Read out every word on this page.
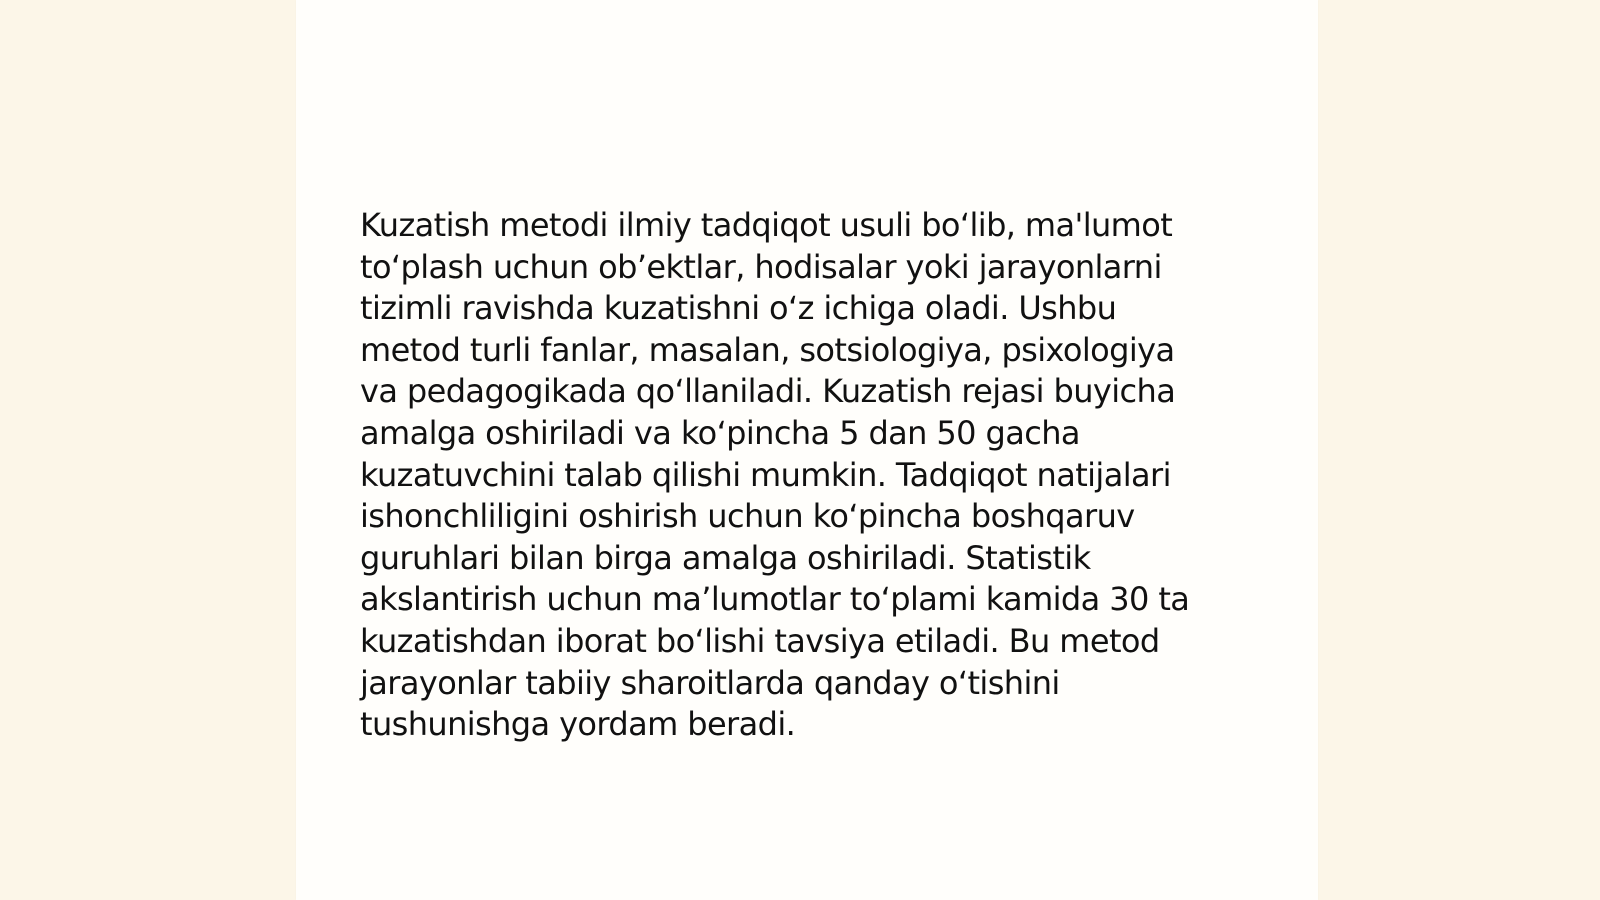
Kuzatish metodi ilmiy tadqiqot usuli bo‘lib, ma'lumot
to‘plash uchun ob’ektlar, hodisalar yoki jarayonlarni
tizimli ravishda kuzatishni o‘z ichiga oladi. Ushbu
metod turli fanlar, masalan, sotsiologiya, psixologiya
va pedagogikada qo‘llaniladi. Kuzatish rejasi buyicha
amalga oshiriladi va ko‘pincha 5 dan 50 gacha
kuzatuvchini talab qilishi mumkin. Tadqiqot natijalari
ishonchliligini oshirish uchun ko‘pincha boshqaruv
guruhlari bilan birga amalga oshiriladi. Statistik
akslantirish uchun ma’lumotlar to‘plami kamida 30 ta
kuzatishdan iborat bo‘lishi tavsiya etiladi. Bu metod
jarayonlar tabiiy sharoitlarda qanday o‘tishini
tushunishga yordam beradi.
